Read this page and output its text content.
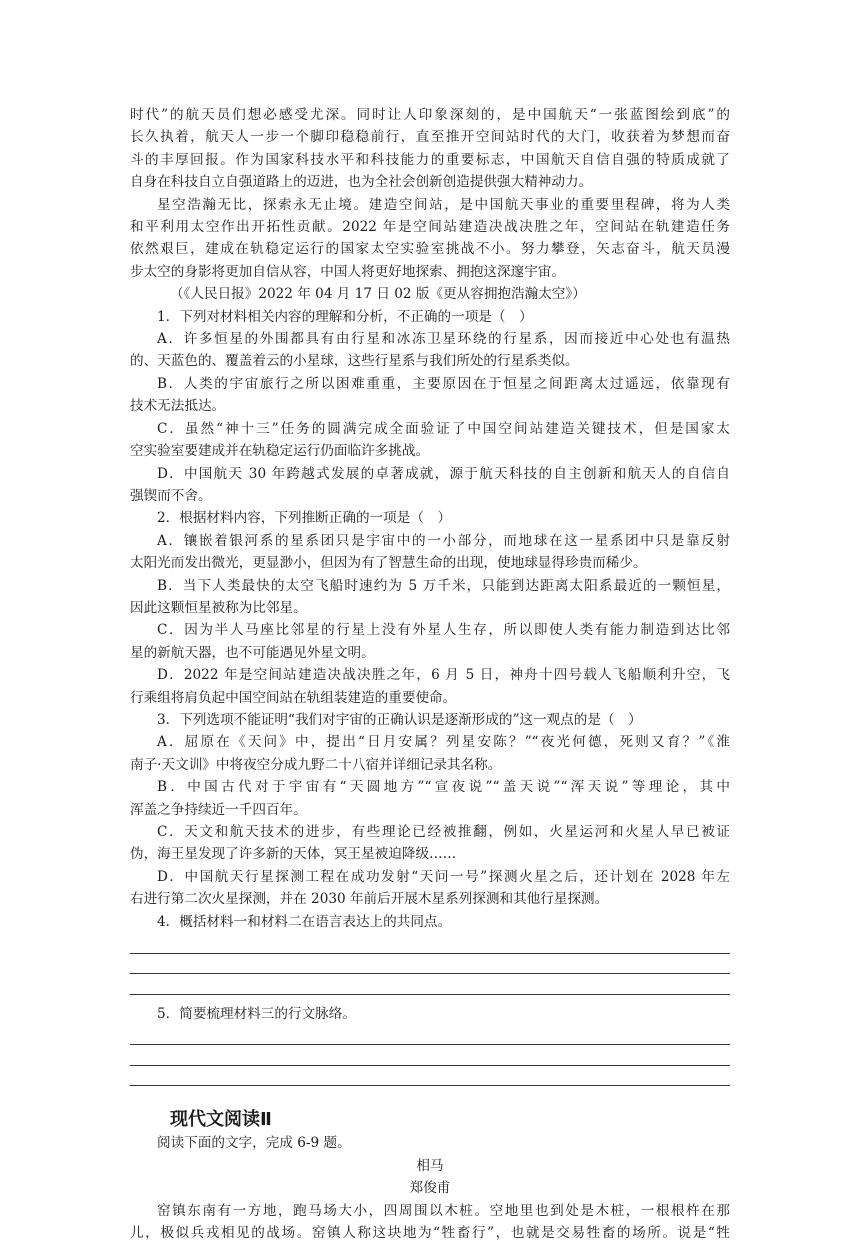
时代”的航天员们想必感受尤深。同时让人印象深刻的，是中国航天“一张蓝图绘到底”的
长久执着，航天人一步一个脚印稳稳前行，直至推开空间站时代的大门，收获着为梦想而奋
斗的丰厚回报。作为国家科技水平和科技能力的重要标志，中国航天自信自强的特质成就了
自身在科技自立自强道路上的迈进，也为全社会创新创造提供强大精神动力。
星空浩瀚无比，探索永无止境。建造空间站，是中国航天事业的重要里程碑，将为人类
和平利用太空作出开拓性贡献。2022 年是空间站建造决战决胜之年，空间站在轨建造任务
依然艰巨，建成在轨稳定运行的国家太空实验室挑战不小。努力攀登，矢志奋斗，航天员漫
步太空的身影将更加自信从容，中国人将更好地探索、拥抱这深邃宇宙。
（《人民日报》2022 年 04 月 17 日 02 版《更从容拥抱浩瀚太空》）
1．下列对材料相关内容的理解和分析，不正确的一项是（　）
A．许多恒星的外围都具有由行星和冰冻卫星环绕的行星系，因而接近中心处也有温热
的、天蓝色的、覆盖着云的小星球，这些行星系与我们所处的行星系类似。
B．人类的宇宙旅行之所以困难重重，主要原因在于恒星之间距离太过遥远，依靠现有
技术无法抵达。
C．虽然“神十三”任务的圆满完成全面验证了中国空间站建造关键技术，但是国家太
空实验室要建成并在轨稳定运行仍面临许多挑战。
D．中国航天 30 年跨越式发展的卓著成就，源于航天科技的自主创新和航天人的自信自
强锲而不舍。
2．根据材料内容，下列推断正确的一项是（　）
A．镶嵌着银河系的星系团只是宇宙中的一小部分，而地球在这一星系团中只是靠反射
太阳光而发出微光，更显渺小，但因为有了智慧生命的出现，使地球显得珍贵而稀少。
B．当下人类最快的太空飞船时速约为 5 万千米，只能到达距离太阳系最近的一颗恒星，
因此这颗恒星被称为比邻星。
C．因为半人马座比邻星的行星上没有外星人生存，所以即使人类有能力制造到达比邻
星的新航天器，也不可能遇见外星文明。
D．2022 年是空间站建造决战决胜之年，6 月 5 日，神舟十四号载人飞船顺利升空，飞
行乘组将肩负起中国空间站在轨组装建造的重要使命。
3．下列选项不能证明“我们对宇宙的正确认识是逐渐形成的”这一观点的是（　）
A．屈原在《天问》中，提出“日月安属？列星安陈？”“夜光何德，死则又育？”《淮
南子·天文训》中将夜空分成九野二十八宿并详细记录其名称。
B．中国古代对于宇宙有“天圆地方”“宣夜说”“盖天说”“浑天说”等理论，其中
浑盖之争持续近一千四百年。
C．天文和航天技术的进步，有些理论已经被推翻，例如，火星运河和火星人早已被证
伪，海王星发现了许多新的天体，冥王星被迫降级……
D．中国航天行星探测工程在成功发射“天问一号”探测火星之后，还计划在 2028 年左
右进行第二次火星探测，并在 2030 年前后开展木星系列探测和其他行星探测。
4．概括材料一和材料二在语言表达上的共同点。
5．简要梳理材料三的行文脉络。
现代文阅读Ⅱ
阅读下面的文字，完成 6-9 题。
相马
郑俊甫
窑镇东南有一方地，跑马场大小，四周围以木桩。空地里也到处是木桩，一根根杵在那
儿，极似兵戎相见的战场。窑镇人称这块地为“牲畜行”，也就是交易牲畜的场所。说是“牲
